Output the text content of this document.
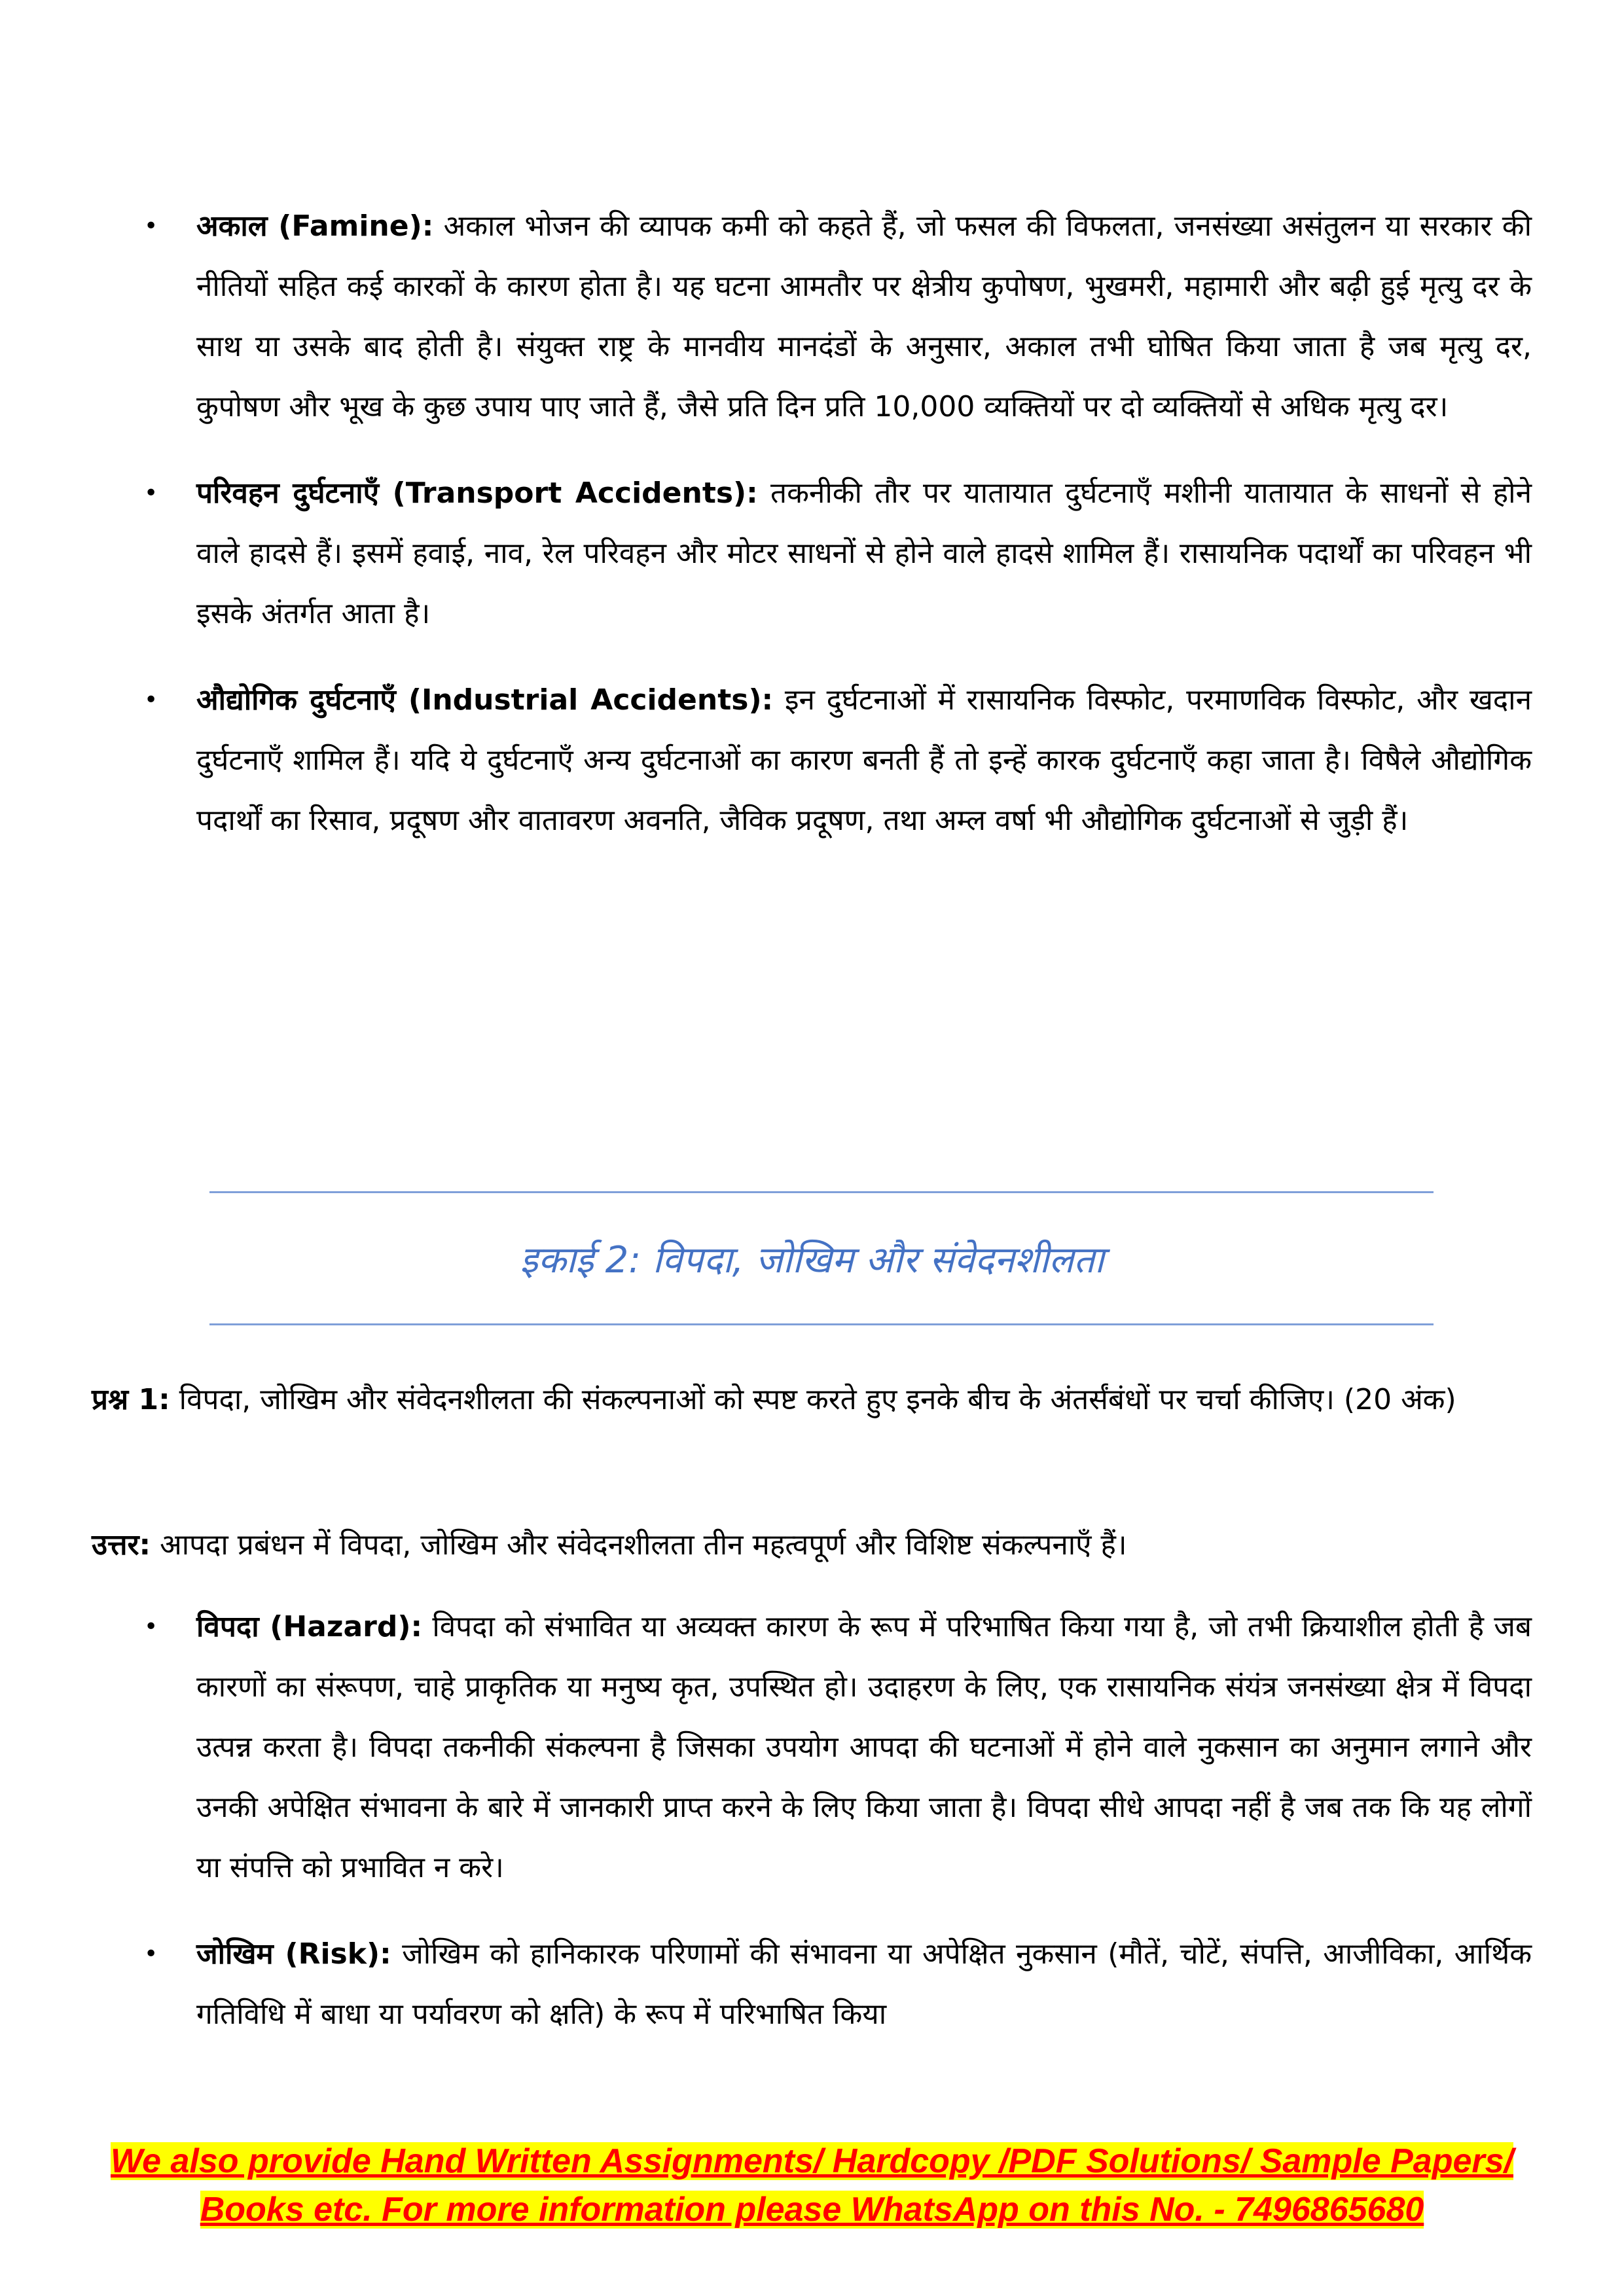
• अकाल (Famine): अकाल भोजन की व्यापक कमी को कहते हैं, जो फसल की विफलता, जनसंख्या असंतुलन या सरकार की नीतियों सहित कई कारकों के कारण होता है। यह घटना आमतौर पर क्षेत्रीय कुपोषण, भुखमरी, महामारी और बढ़ी हुई मृत्यु दर के साथ या उसके बाद होती है। संयुक्त राष्ट्र के मानवीय मानदंडों के अनुसार, अकाल तभी घोषित किया जाता है जब मृत्यु दर, कुपोषण और भूख के कुछ उपाय पाए जाते हैं, जैसे प्रति दिन प्रति 10,000 व्यक्तियों पर दो व्यक्तियों से अधिक मृत्यु दर।
• परिवहन दुर्घटनाएँ (Transport Accidents): तकनीकी तौर पर यातायात दुर्घटनाएँ मशीनी यातायात के साधनों से होने वाले हादसे हैं। इसमें हवाई, नाव, रेल परिवहन और मोटर साधनों से होने वाले हादसे शामिल हैं। रासायनिक पदार्थों का परिवहन भी इसके अंतर्गत आता है।
• औद्योगिक दुर्घटनाएँ (Industrial Accidents): इन दुर्घटनाओं में रासायनिक विस्फोट, परमाणविक विस्फोट, और खदान दुर्घटनाएँ शामिल हैं। यदि ये दुर्घटनाएँ अन्य दुर्घटनाओं का कारण बनती हैं तो इन्हें कारक दुर्घटनाएँ कहा जाता है। विषैले औद्योगिक पदार्थों का रिसाव, प्रदूषण और वातावरण अवनति, जैविक प्रदूषण, तथा अम्ल वर्षा भी औद्योगिक दुर्घटनाओं से जुड़ी हैं।
इकाई 2: विपदा, जोखिम और संवेदनशीलता
प्रश्न 1: विपदा, जोखिम और संवेदनशीलता की संकल्पनाओं को स्पष्ट करते हुए इनके बीच के अंतर्संबंधों पर चर्चा कीजिए। (20 अंक)
उत्तर: आपदा प्रबंधन में विपदा, जोखिम और संवेदनशीलता तीन महत्वपूर्ण और विशिष्ट संकल्पनाएँ हैं।
• विपदा (Hazard): विपदा को संभावित या अव्यक्त कारण के रूप में परिभाषित किया गया है, जो तभी क्रियाशील होती है जब कारणों का संरूपण, चाहे प्राकृतिक या मनुष्य कृत, उपस्थित हो। उदाहरण के लिए, एक रासायनिक संयंत्र जनसंख्या क्षेत्र में विपदा उत्पन्न करता है। विपदा तकनीकी संकल्पना है जिसका उपयोग आपदा की घटनाओं में होने वाले नुकसान का अनुमान लगाने और उनकी अपेक्षित संभावना के बारे में जानकारी प्राप्त करने के लिए किया जाता है। विपदा सीधे आपदा नहीं है जब तक कि यह लोगों या संपत्ति को प्रभावित न करे।
• जोखिम (Risk): जोखिम को हानिकारक परिणामों की संभावना या अपेक्षित नुकसान (मौतें, चोटें, संपत्ति, आजीविका, आर्थिक गतिविधि में बाधा या पर्यावरण को क्षति) के रूप में परिभाषित किया
We also provide Hand Written Assignments/ Hardcopy /PDF Solutions/ Sample Papers/
Books etc. For more information please WhatsApp on this No. - 7496865680
